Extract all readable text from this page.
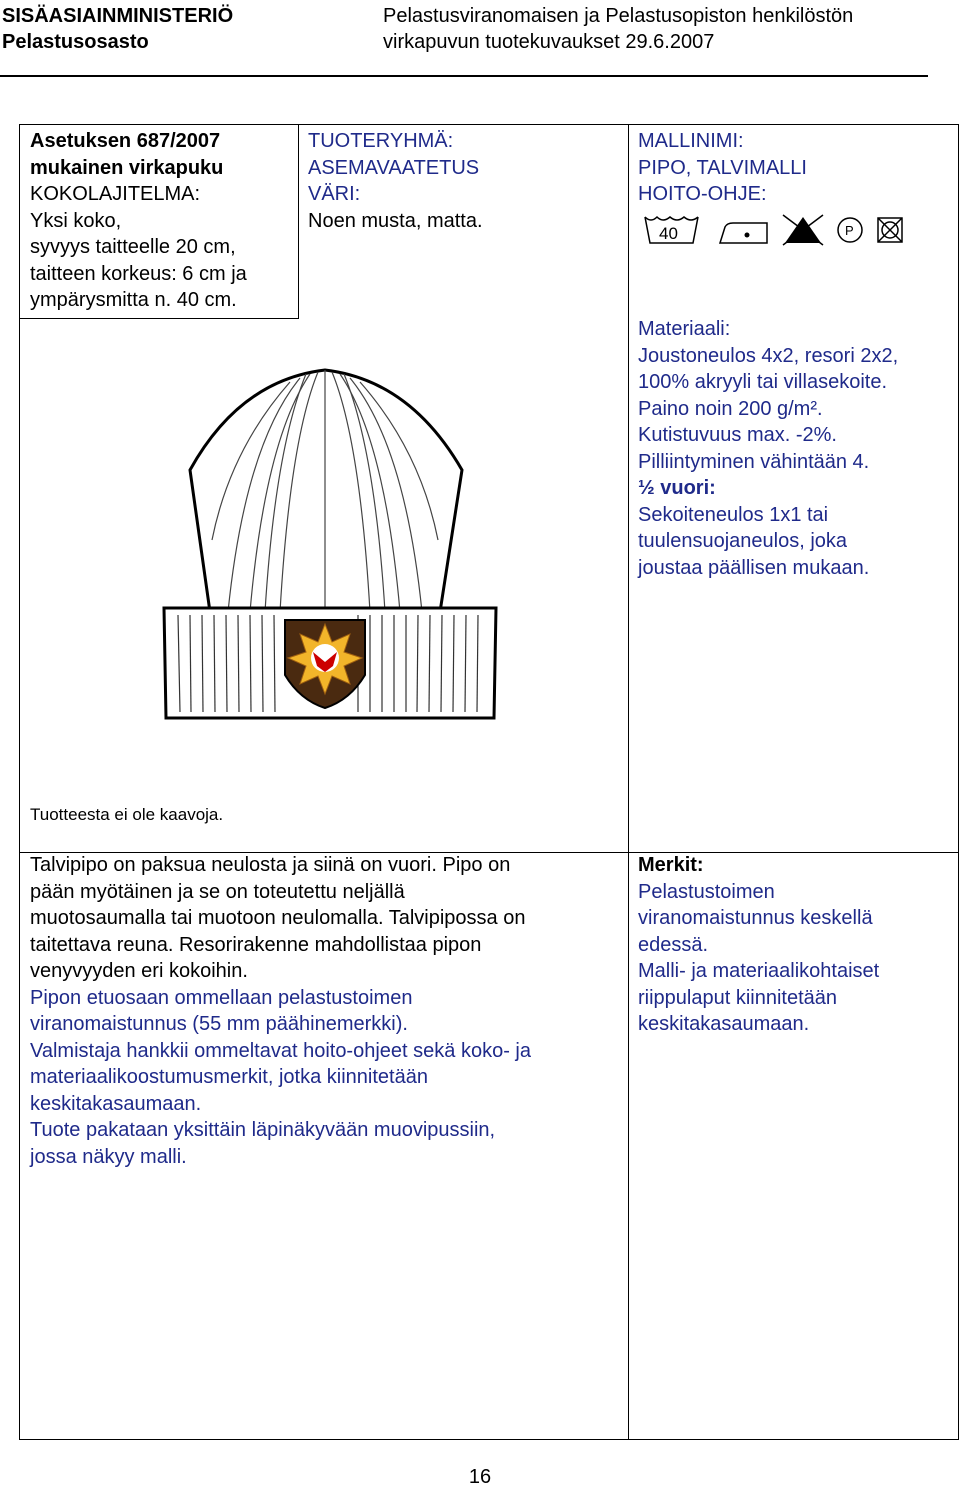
SISÄASIAINMINISTERIÖ
Pelastusosasto
Pelastusviranomaisen ja Pelastusopiston henkilöstön
virkapuvun tuotekuvaukset 29.6.2007
Asetuksen 687/2007
mukainen virkapuku
KOKOLAJITELMA:
Yksi koko,
syvyys taitteelle 20 cm,
taitteen korkeus: 6 cm ja
ympärysmitta n. 40 cm.
TUOTERYHMÄ:
ASEMAVAATETUS
VÄRI:
Noen musta, matta.
MALLINIMI:
PIPO, TALVIMALLI
HOITO-OHJE:
40	P
Materiaali:
Joustoneulos 4x2, resori 2x2,
100% akryyli tai villasekoite.
Paino noin 200 g/m².
Kutistuvuus max. -2%.
Pilliintyminen vähintään 4.
½ vuori:
Sekoiteneulos 1x1 tai
tuulensuojaneulos, joka
joustaa päällisen mukaan.
Tuotteesta ei ole kaavoja.
Talvipipo on paksua neulosta ja siinä on vuori. Pipo on
pään myötäinen ja se on toteutettu neljällä
muotosaumalla tai muotoon neulomalla. Talvipipossa on
taitettava reuna. Resorirakenne mahdollistaa pipon
venyvyyden eri kokoihin.
Pipon etuosaan ommellaan pelastustoimen
viranomaistunnus (55 mm päähinemerkki).
Valmistaja hankkii ommeltavat hoito-ohjeet sekä koko- ja
materiaalikoostumusmerkit, jotka kiinnitetään
keskitakasaumaan.
Tuote pakataan yksittäin läpinäkyvään muovipussiin,
jossa näkyy malli.
Merkit:
Pelastustoimen
viranomaistunnus keskellä
edessä.
Malli- ja materiaalikohtaiset
riippulaput kiinnitetään
keskitakasaumaan.
16
